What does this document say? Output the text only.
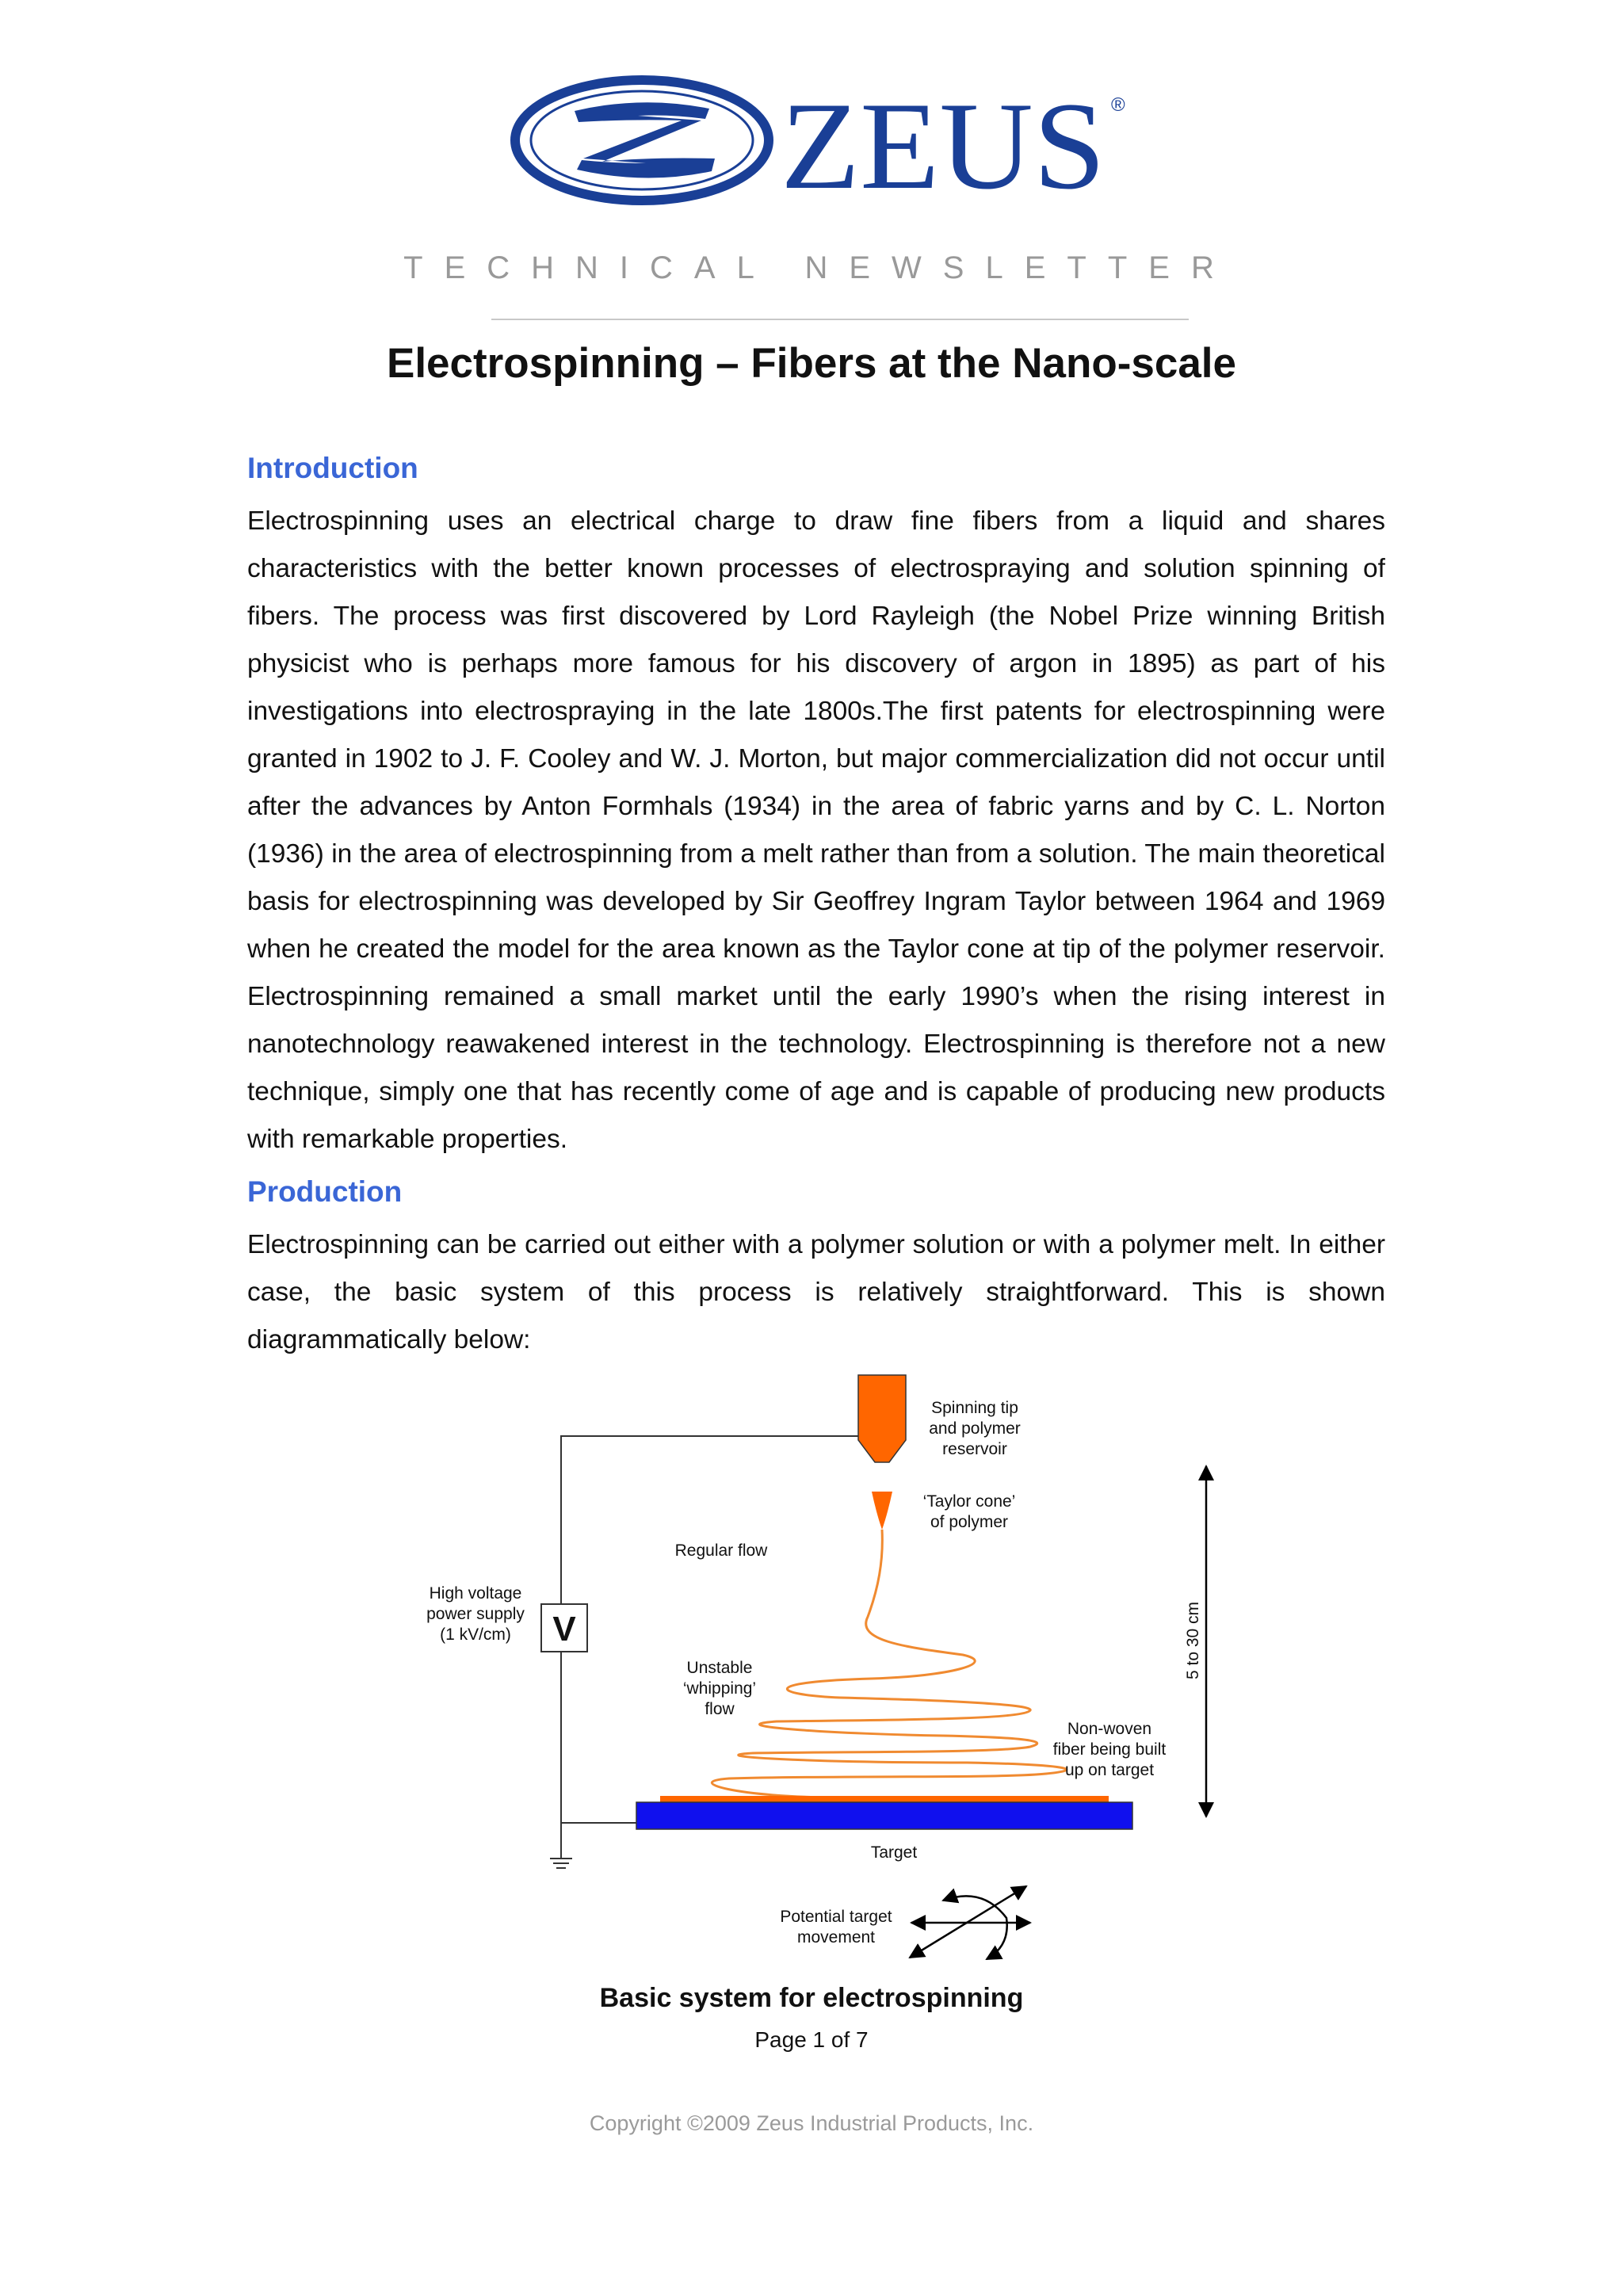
ZEUS ®
TECHNICAL NEWSLETTER
Electrospinning – Fibers at the Nano-scale
Introduction

Electrospinning uses an electrical charge to draw fine fibers from a liquid and shares characteristics with the better known processes of electrospraying and solution spinning of fibers. The process was first discovered by Lord Rayleigh (the Nobel Prize winning British physicist who is perhaps more famous for his discovery of argon in 1895) as part of his investigations into electrospraying in the late 1800s.The first patents for electrospinning were granted in 1902 to J. F. Cooley and W. J. Morton, but major commercialization did not occur until after the advances by Anton Formhals (1934) in the area of fabric yarns and by C. L. Norton (1936) in the area of electrospinning from a melt rather than from a solution. The main theoretical basis for electrospinning was developed by Sir Geoffrey Ingram Taylor between 1964 and 1969 when he created the model for the area known as the Taylor cone at tip of the polymer reservoir. Electrospinning remained a small market until the early 1990’s when the rising interest in nanotechnology reawakened interest in the technology. Electrospinning is therefore not a new technique, simply one that has recently come of age and is capable of producing new products with remarkable properties.

Production

Electrospinning can be carried out either with a polymer solution or with a polymer melt. In either case, the basic system of this process is relatively straightforward. This is shown diagrammatically below:

V	5 to 30 cm
Spinning tip
and polymer
reservoir
‘Taylor cone’
of polymer
Regular flow
High voltage
power supply
(1 kV/cm)
Unstable
‘whipping’
flow
Non-woven
fiber being built
up on target
Target
Potential target
movement
Basic system for electrospinning
Page 1 of 7
Copyright ©2009 Zeus Industrial Products, Inc.
